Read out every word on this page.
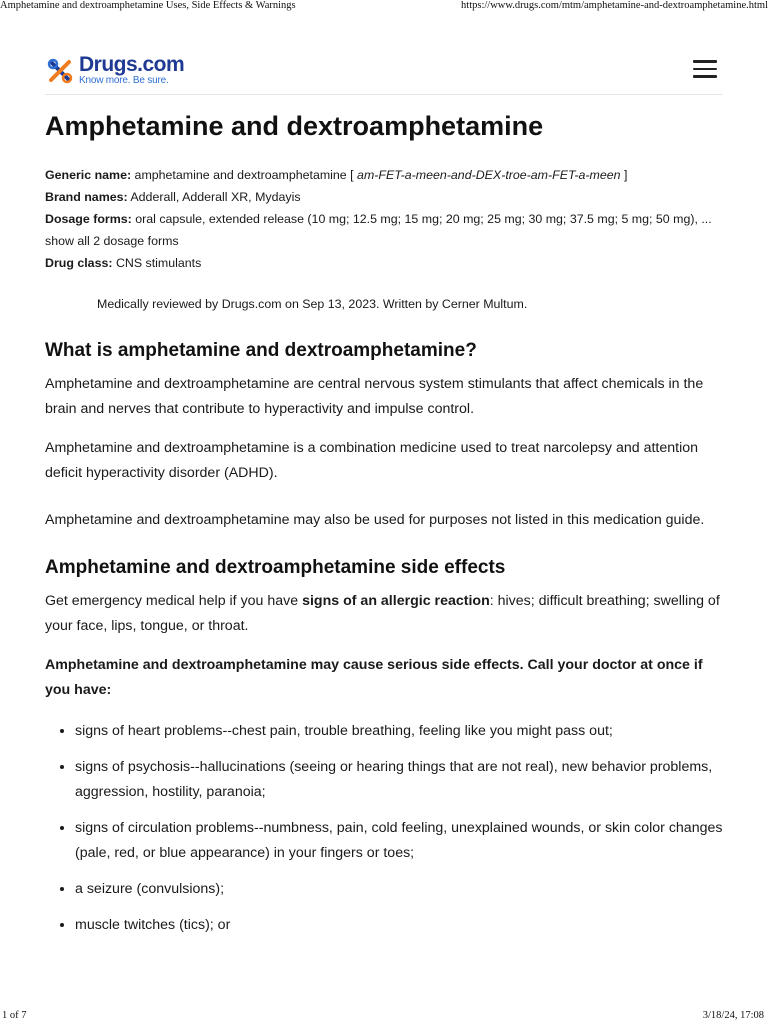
Amphetamine and dextroamphetamine Uses, Side Effects & Warnings	https://www.drugs.com/mtm/amphetamine-and-dextroamphetamine.html
Drugs.com
Know more. Be sure.
Amphetamine and dextroamphetamine
Generic name: amphetamine and dextroamphetamine [ am-FET-a-meen-and-DEX-troe-am-FET-a-meen ]
Brand names: Adderall, Adderall XR, Mydayis
Dosage forms: oral capsule, extended release (10 mg; 12.5 mg; 15 mg; 20 mg; 25 mg; 30 mg; 37.5 mg; 5 mg; 50 mg), ... show all 2 dosage forms
Drug class: CNS stimulants
Medically reviewed by Drugs.com on Sep 13, 2023. Written by Cerner Multum.
What is amphetamine and dextroamphetamine?

Amphetamine and dextroamphetamine are central nervous system stimulants that affect chemicals in the brain and nerves that contribute to hyperactivity and impulse control.

Amphetamine and dextroamphetamine is a combination medicine used to treat narcolepsy and attention deficit hyperactivity disorder (ADHD).

Amphetamine and dextroamphetamine may also be used for purposes not listed in this medication guide.

Amphetamine and dextroamphetamine side effects

Get emergency medical help if you have signs of an allergic reaction: hives; difficult breathing; swelling of your face, lips, tongue, or throat.

Amphetamine and dextroamphetamine may cause serious side effects. Call your doctor at once if you have:

• signs of heart problems--chest pain, trouble breathing, feeling like you might pass out;
• signs of psychosis--hallucinations (seeing or hearing things that are not real), new behavior problems, aggression, hostility, paranoia;
• signs of circulation problems--numbness, pain, cold feeling, unexplained wounds, or skin color changes (pale, red, or blue appearance) in your fingers or toes;
• a seizure (convulsions);
• muscle twitches (tics); or
1 of 7	3/18/24, 17:08
